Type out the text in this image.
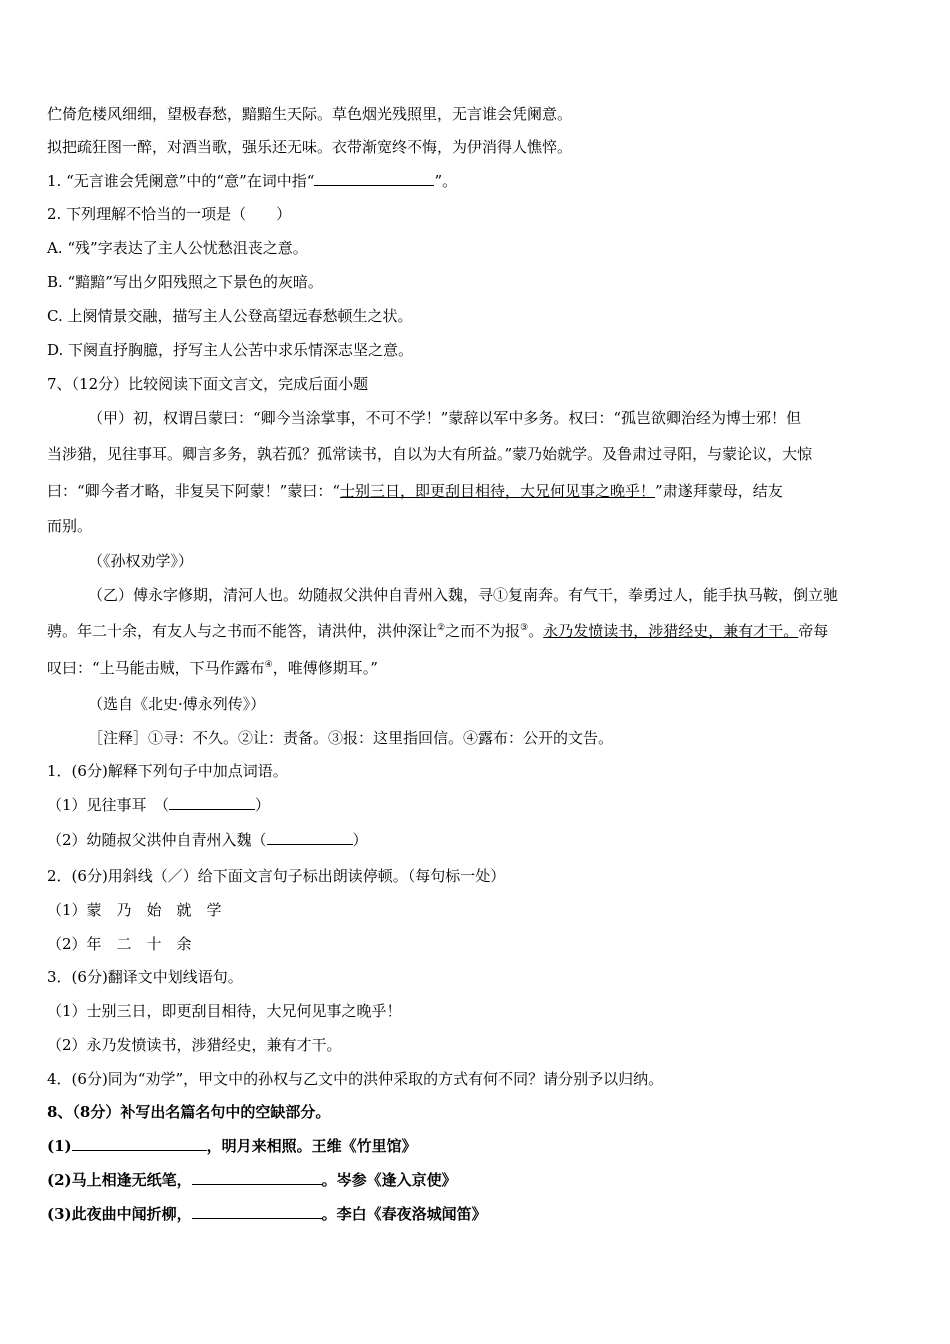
伫倚危楼风细细，望极春愁，黯黯生天际。草色烟光残照里，无言谁会凭阑意。
拟把疏狂图一醉，对酒当歌，强乐还无味。衣带渐宽终不悔，为伊消得人憔悴。
1. “无言谁会凭阑意”中的“意”在词中指“	”。
2. 下列理解不恰当的一项是（　　）
A. “残”字表达了主人公忧愁沮丧之意。
B. “黯黯”写出夕阳残照之下景色的灰暗。
C. 上阕情景交融，描写主人公登高望远春愁顿生之状。
D. 下阕直抒胸臆，抒写主人公苦中求乐情深志坚之意。
7、（12分）比较阅读下面文言文，完成后面小题
（甲）初，权谓吕蒙曰：“卿今当涂掌事，不可不学！”蒙辞以军中多务。权曰：“孤岂欲卿治经为博士邪！但
当涉猎，见往事耳。卿言多务，孰若孤？孤常读书，自以为大有所益。”蒙乃始就学。及鲁肃过寻阳，与蒙论议，大惊
曰：“卿今者才略，非复吴下阿蒙！”蒙曰：“士别三日，即更刮目相待，大兄何见事之晚乎！”肃遂拜蒙母，结友
而别。
（《孙权劝学》）
（乙）傅永字修期，清河人也。幼随叔父洪仲自青州入魏，寻①复南奔。有气干，拳勇过人，能手执马鞍，倒立驰
骋。年二十余，有友人与之书而不能答，请洪仲，洪仲深让②之而不为报③。永乃发愤读书，涉猎经史，兼有才干。帝每
叹曰：“上马能击贼，下马作露布④，唯傅修期耳。”
（选自《北史·傅永列传》）
［注释］①寻：不久。②让：责备。③报：这里指回信。④露布：公开的文告。
1．(6分)解释下列句子中加点词语。
（1）见往事耳　（	）
（2）幼随叔父洪仲自青州入魏（	）
2．(6分)用斜线（／）给下面文言句子标出朗读停顿。（每句标一处）
（1）蒙　乃　始　就　学
（2）年　二　十　余
3．(6分)翻译文中划线语句。
（1）士别三日，即更刮目相待，大兄何见事之晚乎！
（2）永乃发愤读书，涉猎经史，兼有才干。
4．(6分)同为“劝学”，甲文中的孙权与乙文中的洪仲采取的方式有何不同？请分别予以归纳。
8、（8分）补写出名篇名句中的空缺部分。
(1)	，明月来相照。王维《竹里馆》
(2)马上相逢无纸笔，	。岑参《逢入京使》
(3)此夜曲中闻折柳，	。李白《春夜洛城闻笛》
